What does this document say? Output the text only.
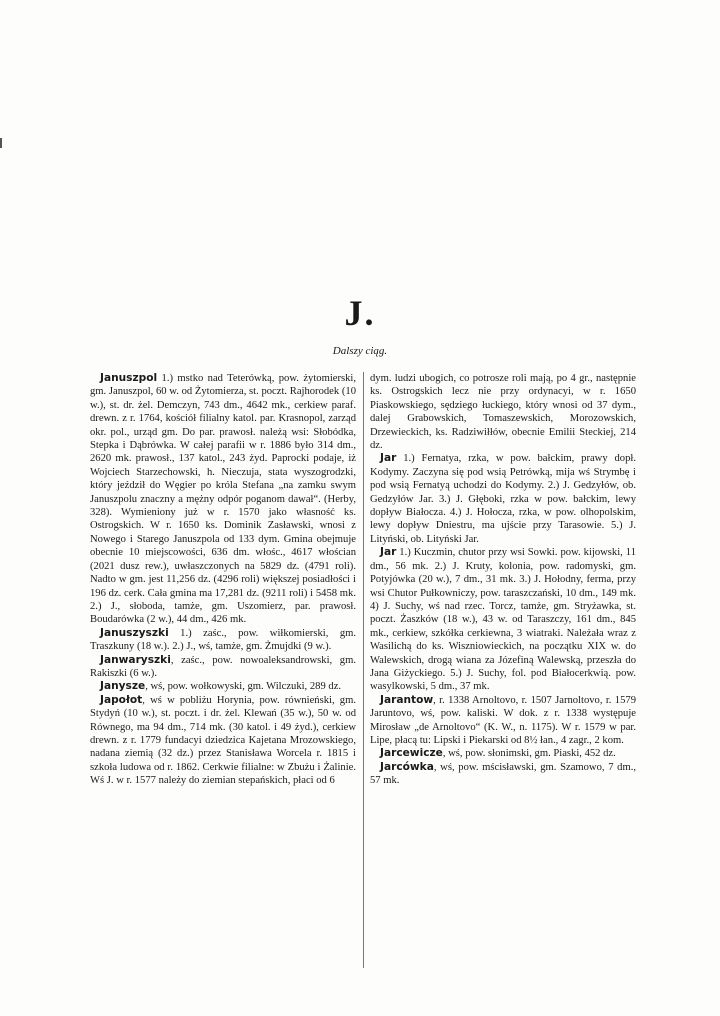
J.
Dalszy ciąg.

Januszpol 1.) mstko nad Teterówką, pow. żytomierski, gm. Januszpol, 60 w. od Żytomierza, st. poczt. Rajhorodek (10 w.), st. dr. żel. Demczyn, 743 dm., 4642 mk., cerkiew paraf. drewn. z r. 1764, kościół filialny katol. par. Krasnopol, zarząd okr. pol., urząd gm. Do par. prawosł. należą wsi: Słobódka, Stepka i Dąbrówka. W całej parafii w r. 1886 było 314 dm., 2620 mk. prawosł., 137 katol., 243 żyd. Paprocki podaje, iż Wojciech Starzechowski, h. Nieczuja, stata wyszogrodzki, który jeździł do Węgier po króla Stefana „na zamku swym Januszpolu znaczny a mężny odpór poganom dawał“. (Herby, 328). Wymieniony już w r. 1570 jako własność ks. Ostrogskich. W r. 1650 ks. Dominik Zasławski, wnosi z Nowego i Starego Januszpola od 133 dym. Gmina obejmuje obecnie 10 miejscowości, 636 dm. włośc., 4617 włościan (2021 dusz rew.), uwłaszczonych na 5829 dz. (4791 roli). Nadto w gm. jest 11,256 dz. (4296 roli) większej posiadłości i 196 dz. cerk. Cała gmina ma 17,281 dz. (9211 roli) i 5458 mk. 2.) J., słoboda, tamże, gm. Uszomierz, par. prawosł. Boudarówka (2 w.), 44 dm., 426 mk.

Januszyszki 1.) zaśc., pow. wiłkomierski, gm. Traszkuny (18 w.). 2.) J., wś, tamże, gm. Żmujdki (9 w.).

Janwaryszki, zaśc., pow. nowoaleksandrowski, gm. Rakiszki (6 w.).

Janysze, wś, pow. wołkowyski, gm. Wilczuki, 289 dz.

Japołot, wś w pobliżu Horynia, pow. równieński, gm. Stydyń (10 w.), st. poczt. i dr. żel. Klewań (35 w.), 50 w. od Równego, ma 94 dm., 714 mk. (30 katol. i 49 żyd.), cerkiew drewn. z r. 1779 fundacyi dziedzica Kajetana Mrozowskiego, nadana ziemią (32 dz.) przez Stanisława Worcela r. 1815 i szkoła ludowa od r. 1862. Cerkwie filialne: w Zbużu i Żalinie. Wś J. w r. 1577 należy do ziemian stepańskich, płaci od 6

dym. ludzi ubogich, co potrosze roli mają, po 4 gr., następnie ks. Ostrogskich lecz nie przy ordynacyi, w r. 1650 Piaskowskiego, sędziego łuckiego, który wnosi od 37 dym., dalej Grabowskich, Tomaszewskich, Morozowskich, Drzewieckich, ks. Radziwiłłów, obecnie Emilii Steckiej, 214 dz.

Jar 1.) Fernatya, rzka, w pow. bałckim, prawy dopł. Kodymy. Zaczyna się pod wsią Petrówką, mija wś Strymbę i pod wsią Fernatyą uchodzi do Kodymy. 2.) J. Gedzyłów, ob. Gedzyłów Jar. 3.) J. Głęboki, rzka w pow. bałckim, lewy dopływ Białocza. 4.) J. Hołocza, rzka, w pow. olhopolskim, lewy dopływ Dniestru, ma ujście przy Tarasowie. 5.) J. Lityński, ob. Lityński Jar.

Jar 1.) Kuczmin, chutor przy wsi Sowki. pow. kijowski, 11 dm., 56 mk. 2.) J. Kruty, kolonia, pow. radomyski, gm. Potyjówka (20 w.), 7 dm., 31 mk. 3.) J. Hołodny, ferma, przy wsi Chutor Pułkowniczy, pow. taraszczański, 10 dm., 149 mk. 4) J. Suchy, wś nad rzec. Torcz, tamże, gm. Stryżawka, st. poczt. Żaszków (18 w.), 43 w. od Taraszczy, 161 dm., 845 mk., cerkiew, szkółka cerkiewna, 3 wiatraki. Należała wraz z Wasilichą do ks. Wiszniowieckich, na początku XIX w. do Walewskich, drogą wiana za Józefiną Walewską, przeszła do Jana Giżyckiego. 5.) J. Suchy, fol. pod Białocerkwią. pow. wasylkowski, 5 dm., 37 mk.

Jarantow, r. 1338 Arnoltovo, r. 1507 Jarnoltovo, r. 1579 Jaruntovo, wś, pow. kaliski. W dok. z r. 1338 występuje Mirosław „de Arnoltovo“ (K. W., n. 1175). W r. 1579 w par. Lipe, płacą tu: Lipski i Piekarski od 8½ łan., 4 zagr., 2 kom.

Jarcewicze, wś, pow. słonimski, gm. Piaski, 452 dz.

Jarcówka, wś, pow. mścisławski, gm. Szamowo, 7 dm., 57 mk.
